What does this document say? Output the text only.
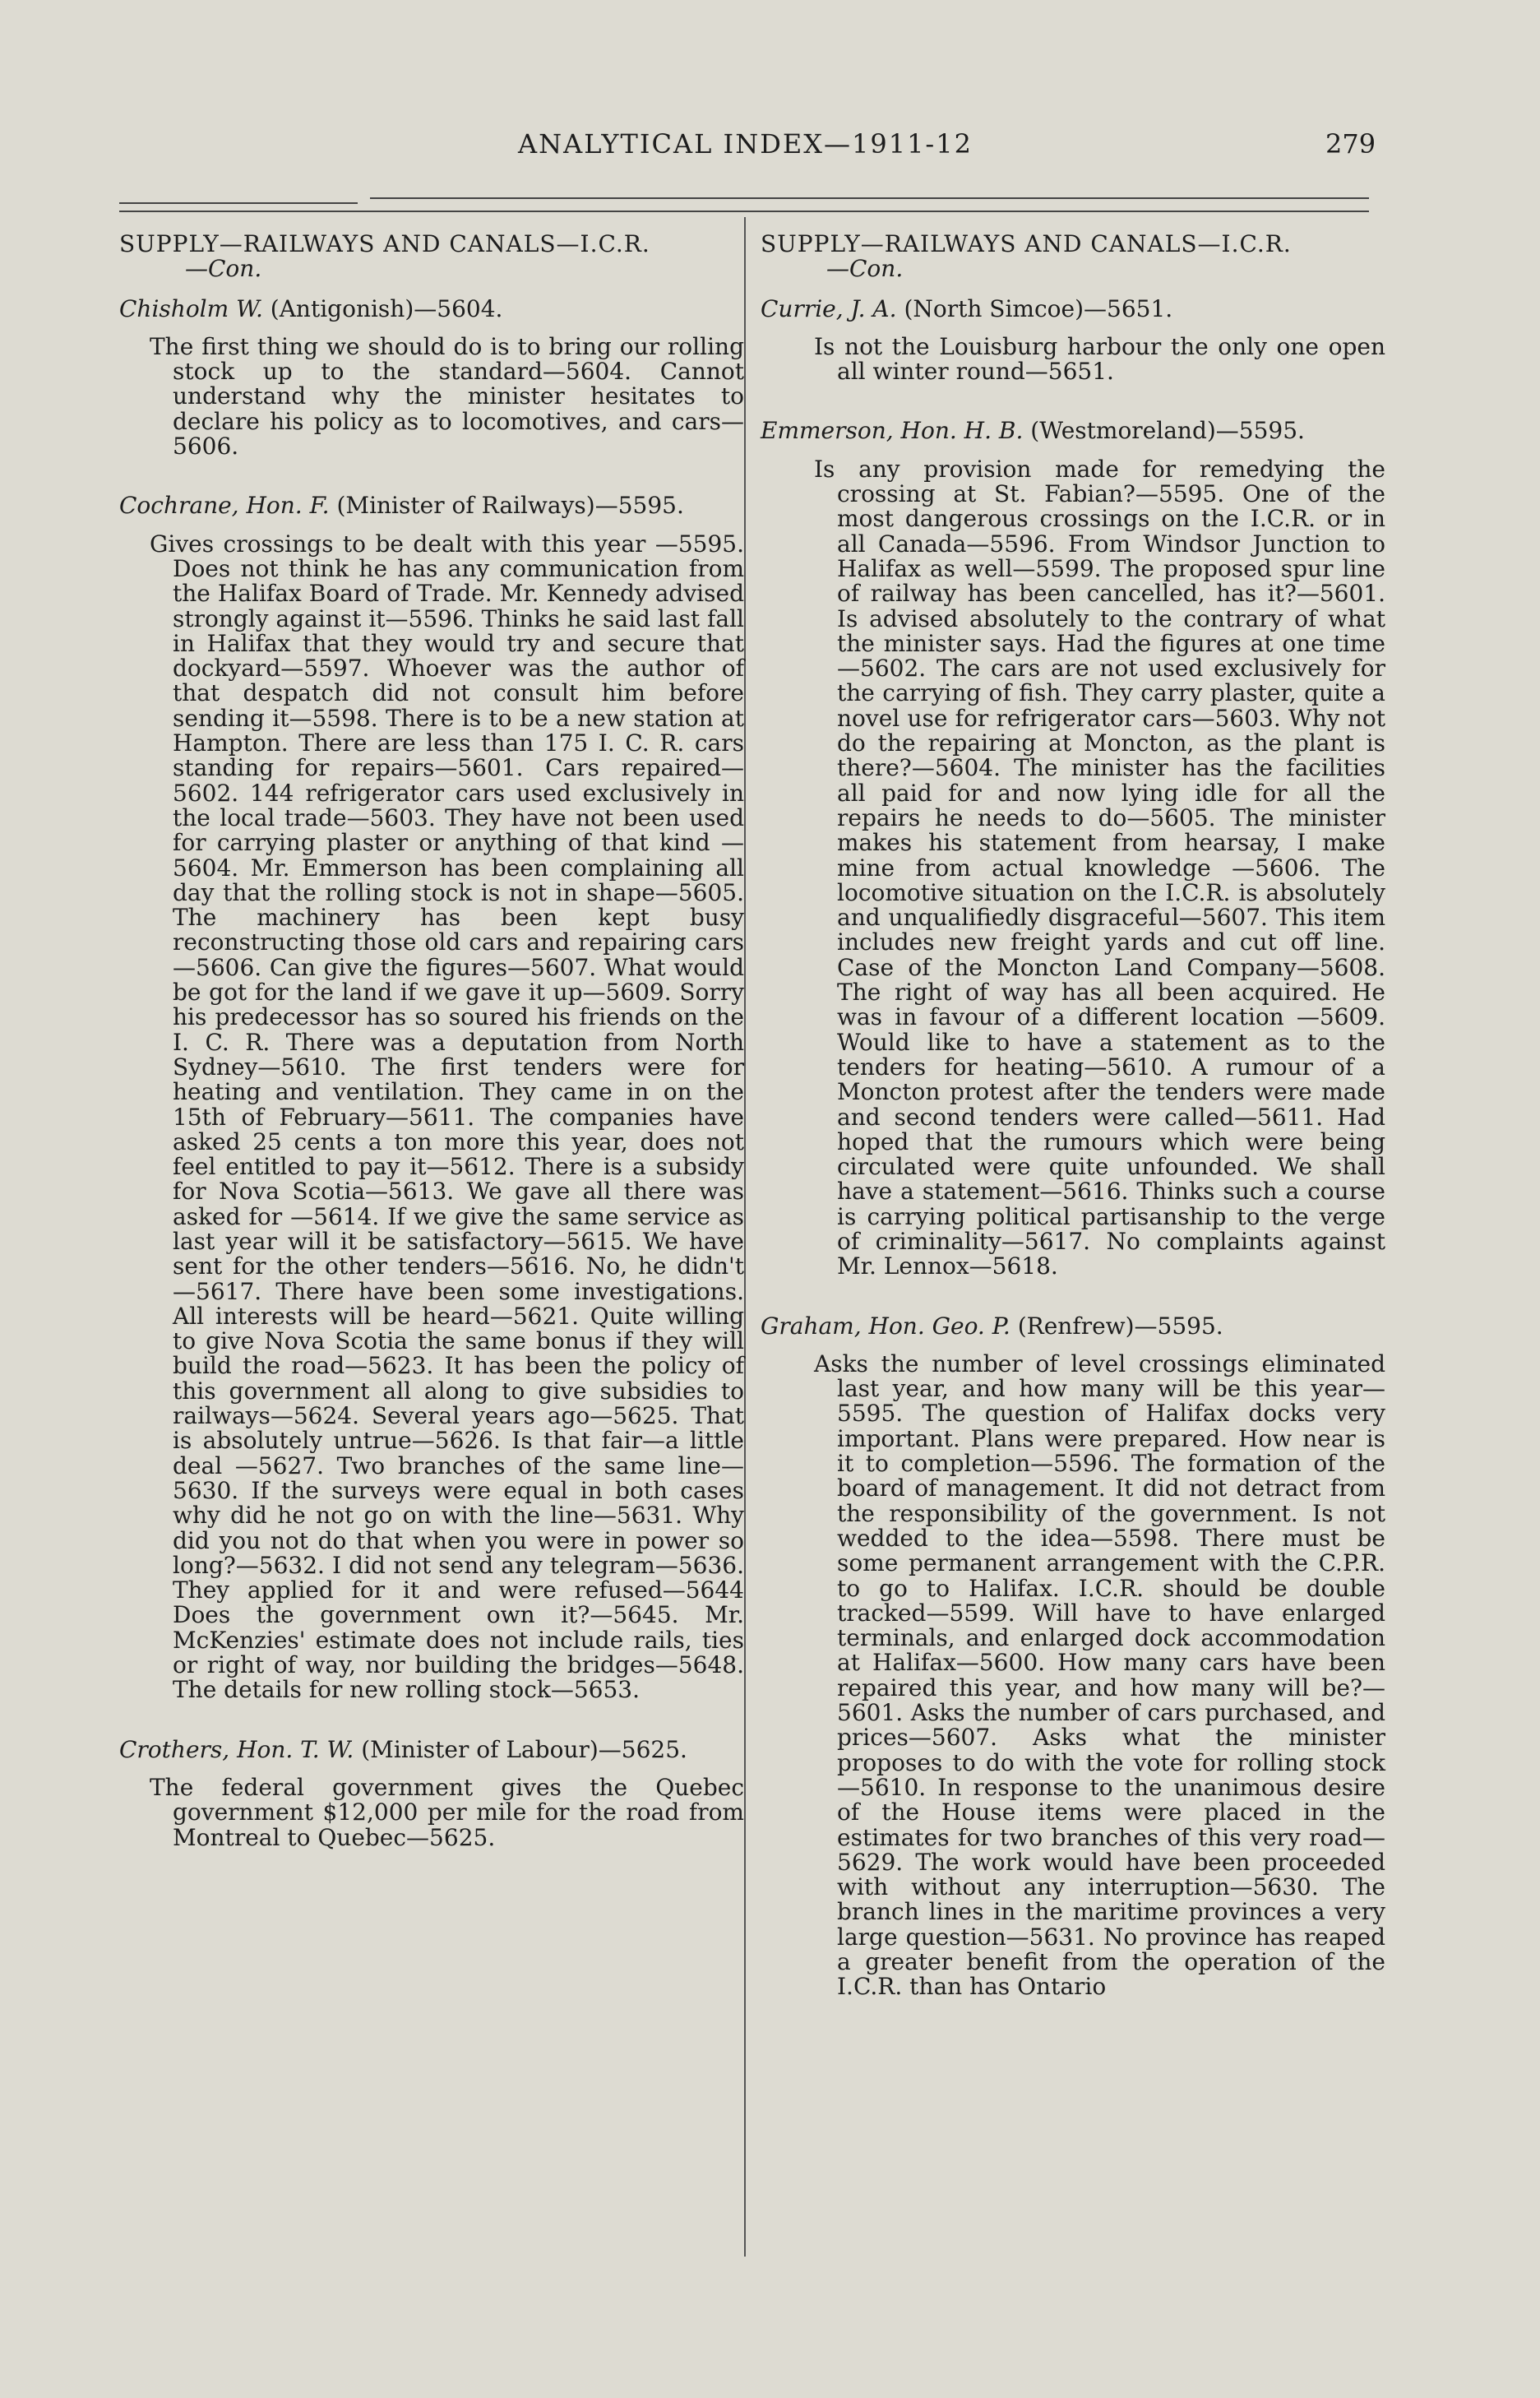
ANALYTICAL INDEX—1911-12	279

SUPPLY—RAILWAYS AND CANALS—I.C.R.

—Con.

Chisholm W. (Antigonish)—5604.

The first thing we should do is to bring our rolling stock up to the standard—5604. Cannot understand why the minister hesitates to declare his policy as to locomotives, and cars—5606.

Cochrane, Hon. F. (Minister of Railways)—5595.

Gives crossings to be dealt with this year —5595. Does not think he has any communication from the Halifax Board of Trade. Mr. Kennedy advised strongly against it—5596. Thinks he said last fall in Halifax that they would try and secure that dockyard—5597. Whoever was the author of that despatch did not consult him before sending it—5598. There is to be a new station at Hampton. There are less than 175 I. C. R. cars standing for repairs—5601. Cars repaired—5602. 144 refrigerator cars used exclusively in the local trade—5603. They have not been used for carrying plaster or anything of that kind —5604. Mr. Emmerson has been complaining all day that the rolling stock is not in shape—5605. The machinery has been kept busy reconstructing those old cars and repairing cars—5606. Can give the figures—5607. What would be got for the land if we gave it up—5609. Sorry his predecessor has so soured his friends on the I. C. R. There was a deputation from North Sydney—5610. The first tenders were for heating and ventilation. They came in on the 15th of February—5611. The companies have asked 25 cents a ton more this year, does not feel entitled to pay it—5612. There is a subsidy for Nova Scotia—5613. We gave all there was asked for —5614. If we give the same service as last year will it be satisfactory—5615. We have sent for the other tenders—5616. No, he didn't—5617. There have been some investigations. All interests will be heard—5621. Quite willing to give Nova Scotia the same bonus if they will build the road—5623. It has been the policy of this government all along to give subsidies to railways—5624. Several years ago—5625. That is absolutely untrue—5626. Is that fair—a little deal —5627. Two branches of the same line—5630. If the surveys were equal in both cases why did he not go on with the line—5631. Why did you not do that when you were in power so long?—5632. I did not send any telegram—5636. They applied for it and were refused—5644 Does the government own it?—5645. Mr. McKenzies' estimate does not include rails, ties or right of way, nor building the bridges—5648. The details for new rolling stock—5653.

Crothers, Hon. T. W. (Minister of Labour)—5625.

The federal government gives the Quebec government $12,000 per mile for the road from Montreal to Quebec—5625.

SUPPLY—RAILWAYS AND CANALS—I.C.R.

—Con.

Currie, J. A. (North Simcoe)—5651.

Is not the Louisburg harbour the only one open all winter round—5651.

Emmerson, Hon. H. B. (Westmoreland)—5595.

Is any provision made for remedying the crossing at St. Fabian?—5595. One of the most dangerous crossings on the I.C.R. or in all Canada—5596. From Windsor Junction to Halifax as well—5599. The proposed spur line of railway has been cancelled, has it?—5601. Is advised absolutely to the contrary of what the minister says. Had the figures at one time—5602. The cars are not used exclusively for the carrying of fish. They carry plaster, quite a novel use for refrigerator cars—5603. Why not do the repairing at Moncton, as the plant is there?—5604. The minister has the facilities all paid for and now lying idle for all the repairs he needs to do—5605. The minister makes his statement from hearsay, I make mine from actual knowledge —5606. The locomotive situation on the I.C.R. is absolutely and unqualifiedly disgraceful—5607. This item includes new freight yards and cut off line. Case of the Moncton Land Company—5608. The right of way has all been acquired. He was in favour of a different location —5609. Would like to have a statement as to the tenders for heating—5610. A rumour of a Moncton protest after the tenders were made and second tenders were called—5611. Had hoped that the rumours which were being circulated were quite unfounded. We shall have a statement—5616. Thinks such a course is carrying political partisanship to the verge of criminality—5617. No complaints against Mr. Lennox—5618.

Graham, Hon. Geo. P. (Renfrew)—5595.

Asks the number of level crossings eliminated last year, and how many will be this year—5595. The question of Halifax docks very important. Plans were prepared. How near is it to completion—5596. The formation of the board of management. It did not detract from the responsibility of the government. Is not wedded to the idea—5598. There must be some permanent arrangement with the C.P.R. to go to Halifax. I.C.R. should be double tracked—5599. Will have to have enlarged terminals, and enlarged dock accommodation at Halifax—5600. How many cars have been repaired this year, and how many will be?—5601. Asks the number of cars purchased, and prices—5607. Asks what the minister proposes to do with the vote for rolling stock—5610. In response to the unanimous desire of the House items were placed in the estimates for two branches of this very road—5629. The work would have been proceeded with without any interruption—5630. The branch lines in the maritime provinces a very large question—5631. No province has reaped a greater benefit from the operation of the I.C.R. than has Ontario
